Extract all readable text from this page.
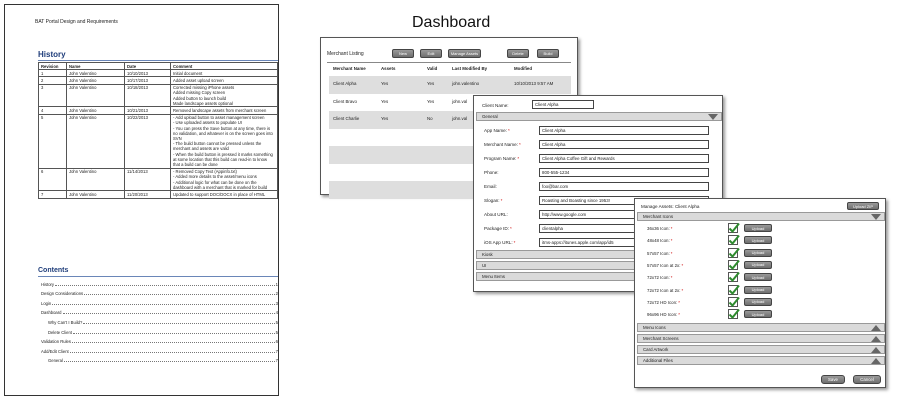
BAT Portal Design and Requirements
History
Revision	Name	Date	Comment
1	John Valentino	10/10/2013	Initial document
2	John Valentino	10/17/2013	Added asset upload screen
3	John Valentino	10/18/2013	Corrected missing iPhone assets
Added missing Copy screen
Added button to launch build
Made landscape assets optional
4	John Valentino	10/21/2013	Removed landscape assets from merchant screen
5	John Valentino	10/22/2013	- Add upload button to asset management screen
- Use uploaded assets to populate UI
- You can press the Save button at any time, there is no validation, and whatever is on the screen goes into SVN
- The build button cannot be pressed unless the merchant and assets are valid
- When the build button is pressed it marks something at some location that this build can read-in to know that a build can be done
6	John Valentino	11/14/2013	- Removed Copy Text (Appinfo.txt)
- Added more details to the asset/menu icons
- Additional logic for what can be done on the dashboard with a merchant that is marked for build
7	John Valentino	11/20/2013	Updated to support DOC/DOCX in place of HTML
Contents
History	1
Design Considerations	2
Login	3
Dashboard	4
Why Can't I Build?	5
Delete Client	5
Validation Rules	6
Add/Edit Client	7
General	7
Dashboard
Merchant Listing	New	Edit	Manage Assets	Delete	Build
Merchant Name	Assets	Valid	Last Modified By	Modified
Client Alpha	Yes	Yes	john.valentino	10/10/2013 9:57 AM
Client Bravo	Yes	Yes	john.val
Client Charlie	Yes	No	john.val
Client Name:	Client Alpha
General
App Name:*	Client Alpha
Merchant Name:*	Client Alpha
Program Name:*	Client Alpha Coffee Gift and Rewards
Phone:	800-555-1234
Email:	foo@bar.com
Slogan:*	Roasting and Boasting since 1953!
About URL:	http://www.google.com
Package ID:*	clientalpha
iOS App URL:*	itms-apps://itunes.apple.com/app/id5
Kiosk
UI
Menu Items
Manage Assets: Client Alpha	Upload ZIP
Merchant Icons
36x36 Icon:*	Upload
48x48 Icon:*	Upload
57x57 Icon:*	Upload
57x57 Icon at 2x:*	Upload
72x72 Icon:*	Upload
72x72 Icon at 2x:*	Upload
72x72 HD Icon:*	Upload
96x96 HD Icon:*	Upload
Menu Icons
Merchant Screens
Card Artwork
Additional Files
Save	Cancel
